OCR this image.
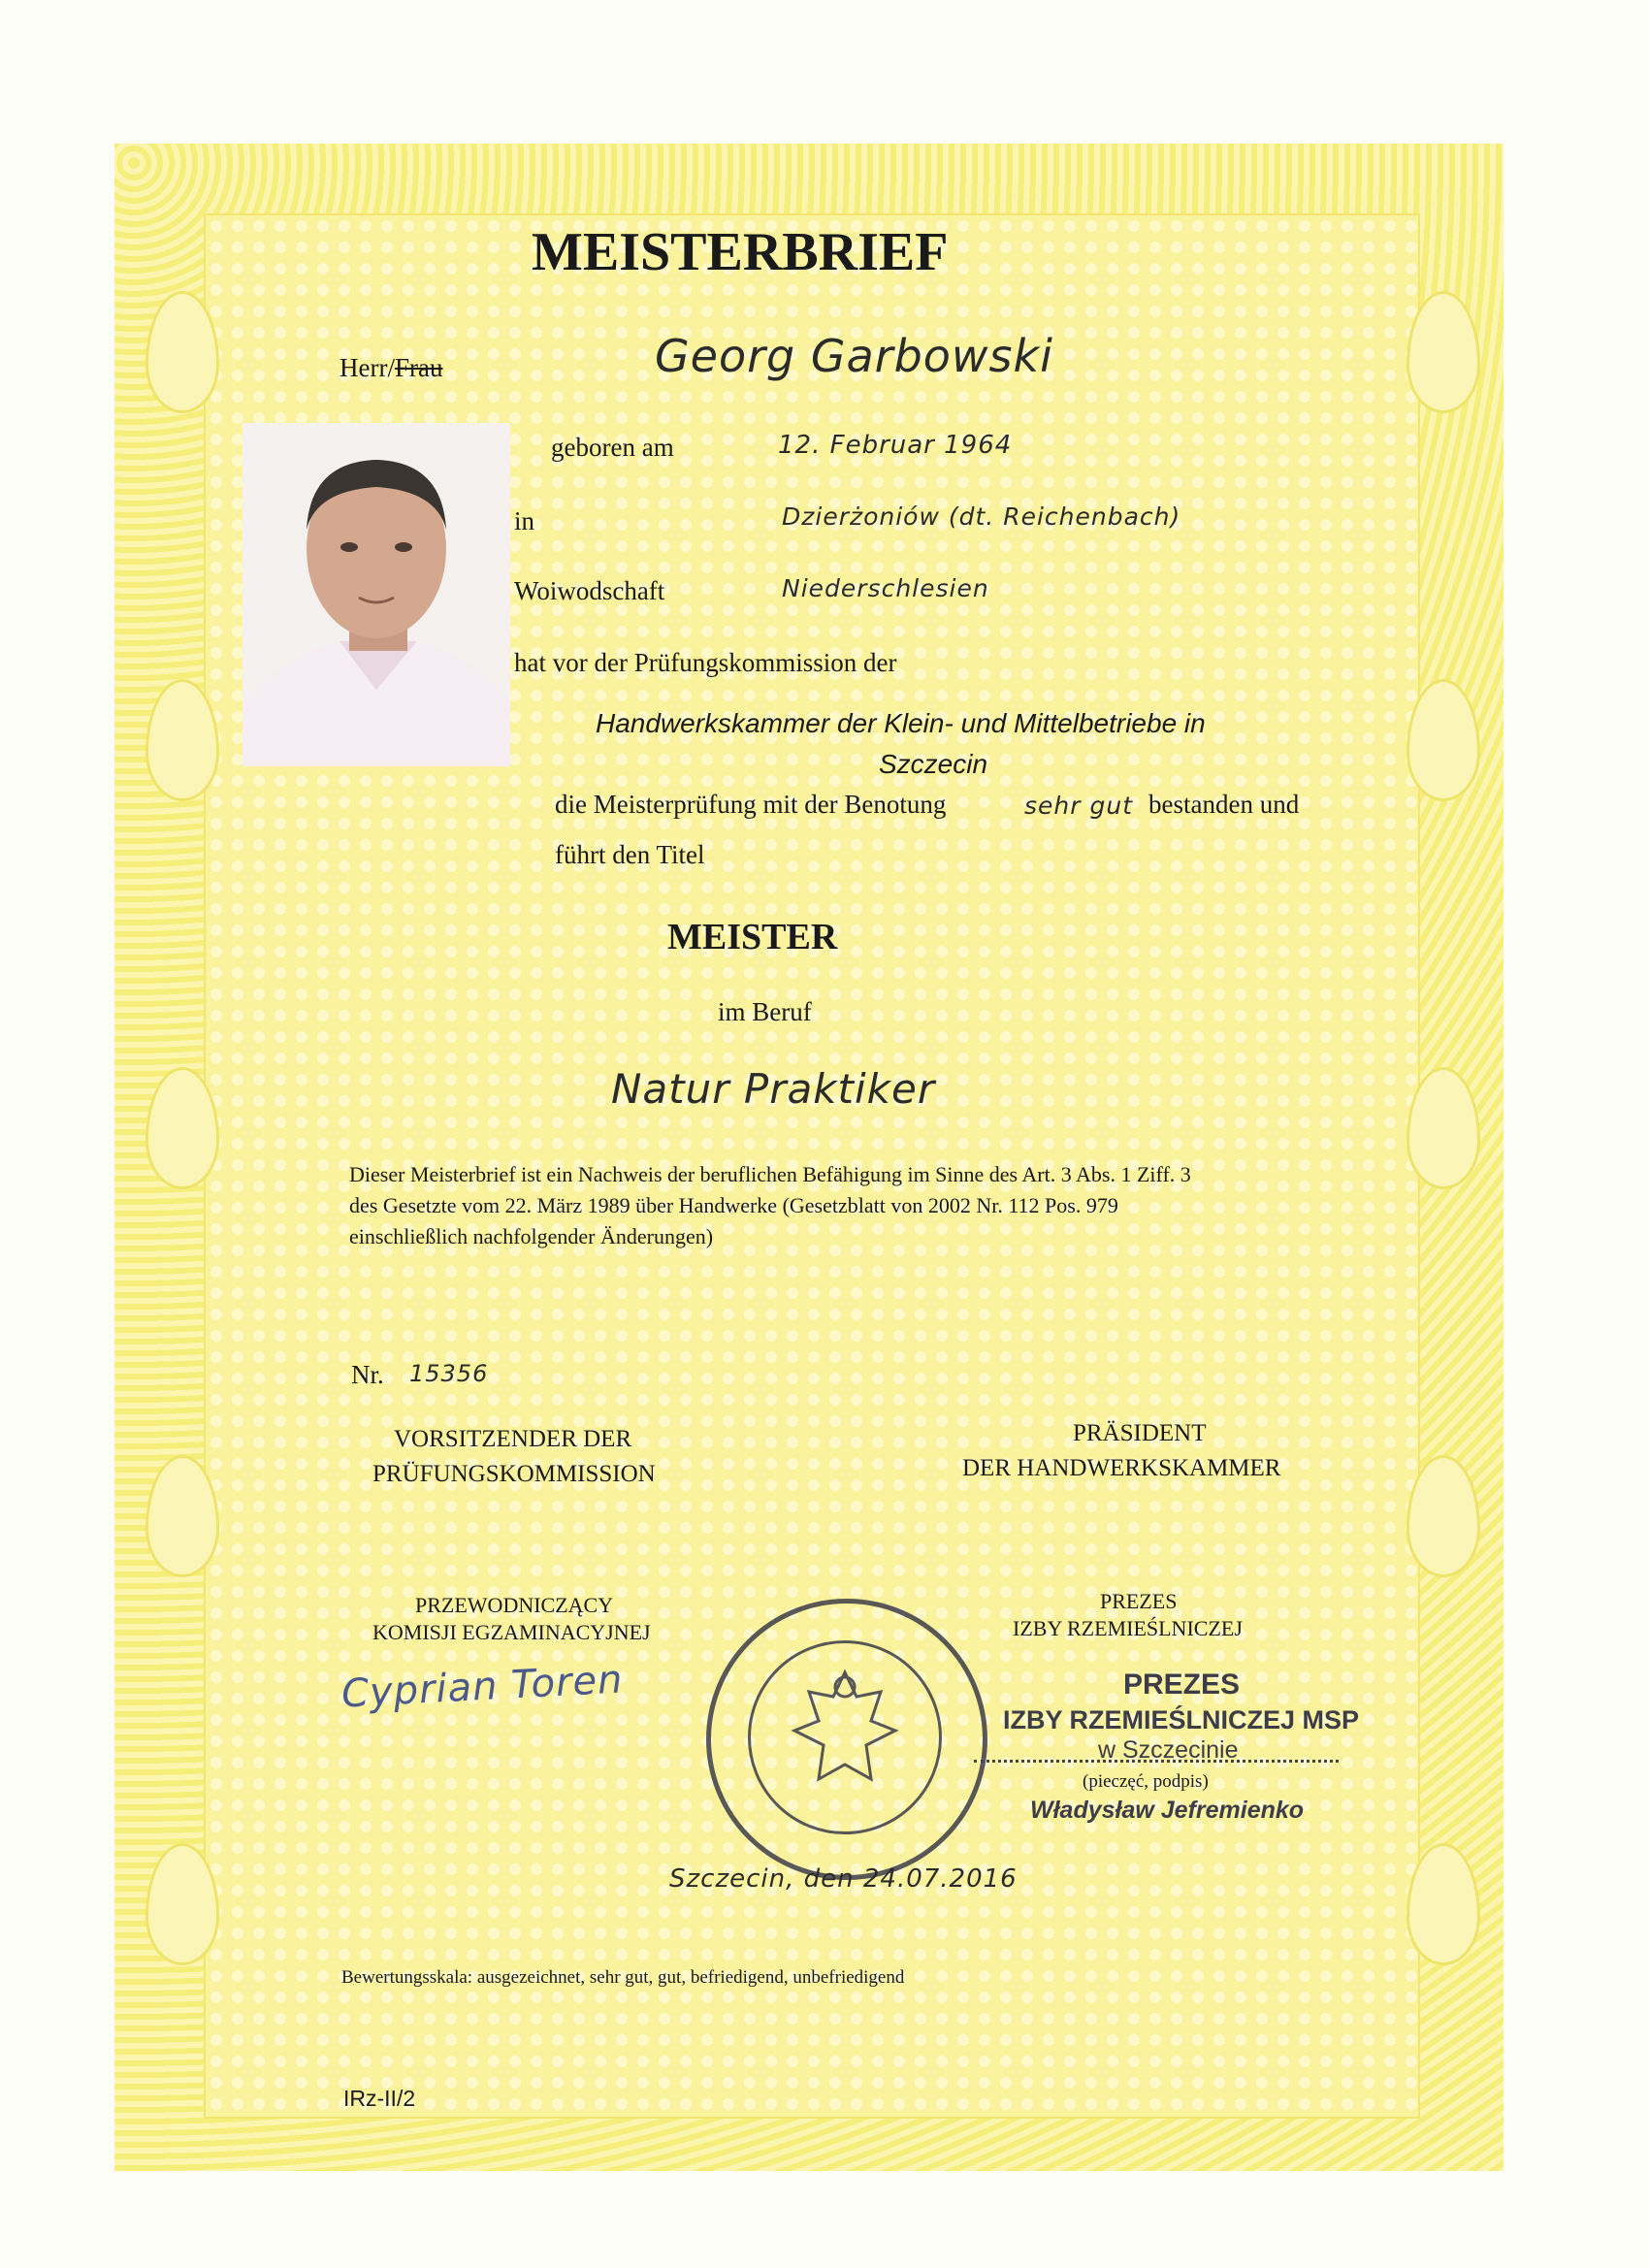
MEISTERBRIEF
Herr/Frau	Georg Garbowski
geboren am	12. Februar 1964
in	Dzierżoniów (dt. Reichenbach)
Woiwodschaft	Niederschlesien
hat vor der Prüfungskommission der
Handwerkskammer der Klein- und Mittelbetriebe in
Szczecin
die Meisterprüfung mit der Benotung	sehr gut bestanden und
führt den Titel
MEISTER
im Beruf
Natur Praktiker
Dieser Meisterbrief ist ein Nachweis der beruflichen Befähigung im Sinne des Art. 3 Abs. 1 Ziff. 3
des Gesetzte vom 22. März 1989 über Handwerke (Gesetzblatt von 2002 Nr. 112 Pos. 979
einschließlich nachfolgender Änderungen)
Nr. 15356
VORSITZENDER DER
PRÜFUNGSKOMMISSION
PRÄSIDENT
DER HANDWERKSKAMMER
PRZEWODNICZĄCY
KOMISJI EGZAMINACYJNEJ
PREZES
IZBY RZEMIEŚLNICZEJ
Cyprian Toren	PREZES
IZBY RZEMIEŚLNICZEJ MSP
w Szczecinie
(pieczęć, podpis)
Władysław Jefremienko
Szczecin, den 24.07.2016
Bewertungsskala: ausgezeichnet, sehr gut, gut, befriedigend, unbefriedigend
IRz-II/2
